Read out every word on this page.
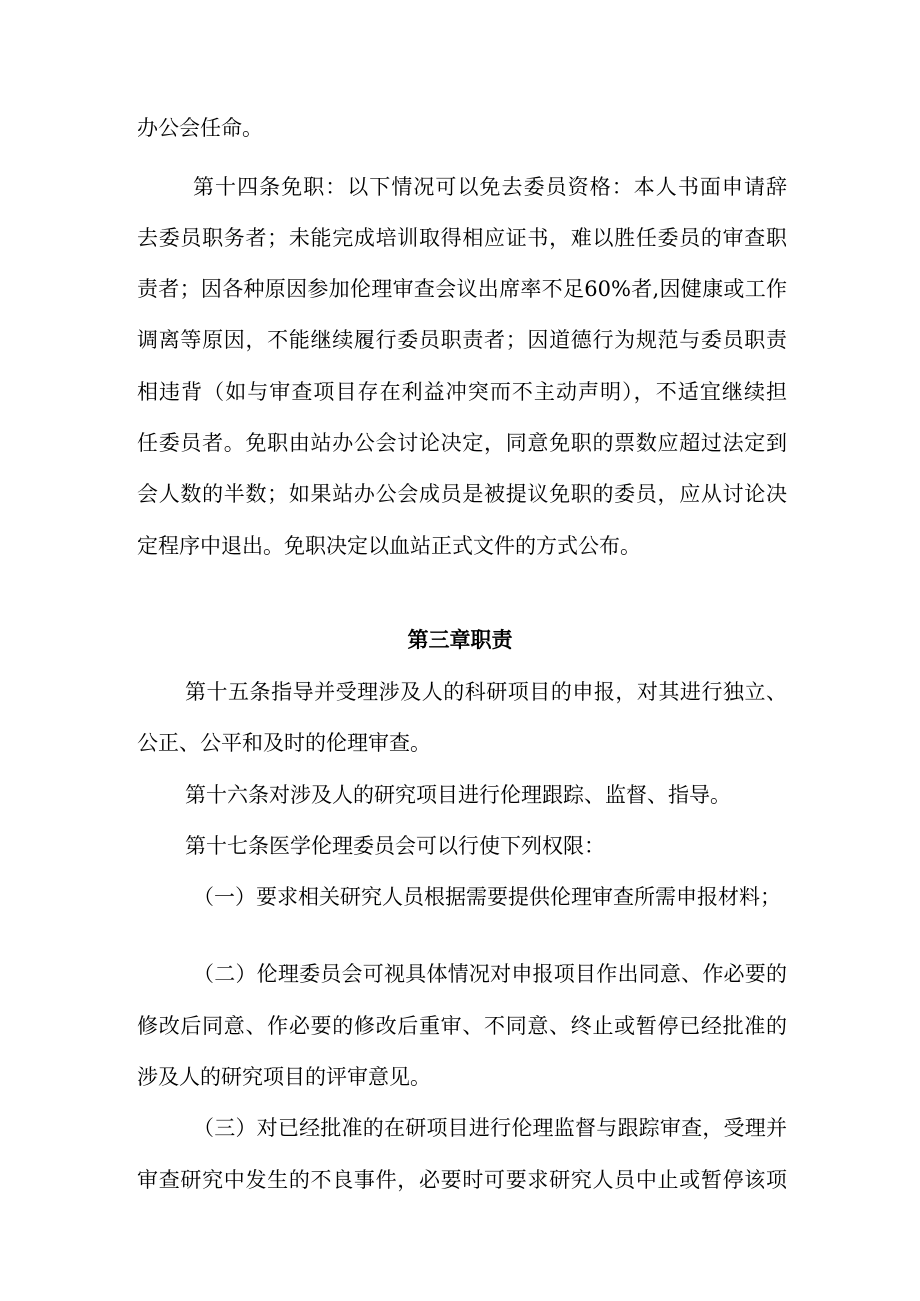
办公会任命。

第十四条免职：以下情况可以免去委员资格：本人书面申请辞

去委员职务者；未能完成培训取得相应证书，难以胜任委员的审查职

责者；因各种原因参加伦理审查会议出席率不足60%者,因健康或工作

调离等原因，不能继续履行委员职责者；因道德行为规范与委员职责

相违背（如与审查项目存在利益冲突而不主动声明），不适宜继续担

任委员者。免职由站办公会讨论决定，同意免职的票数应超过法定到

会人数的半数；如果站办公会成员是被提议免职的委员，应从讨论决

定程序中退出。免职决定以血站正式文件的方式公布。

第三章职责

第十五条指导并受理涉及人的科研项目的申报，对其进行独立、

公正、公平和及时的伦理审查。

第十六条对涉及人的研究项目进行伦理跟踪、监督、指导。

第十七条医学伦理委员会可以行使下列权限：

（一）要求相关研究人员根据需要提供伦理审查所需申报材料；

（二）伦理委员会可视具体情况对申报项目作出同意、作必要的

修改后同意、作必要的修改后重审、不同意、终止或暂停已经批准的

涉及人的研究项目的评审意见。

（三）对已经批准的在研项目进行伦理监督与跟踪审查，受理并

审查研究中发生的不良事件，必要时可要求研究人员中止或暂停该项
